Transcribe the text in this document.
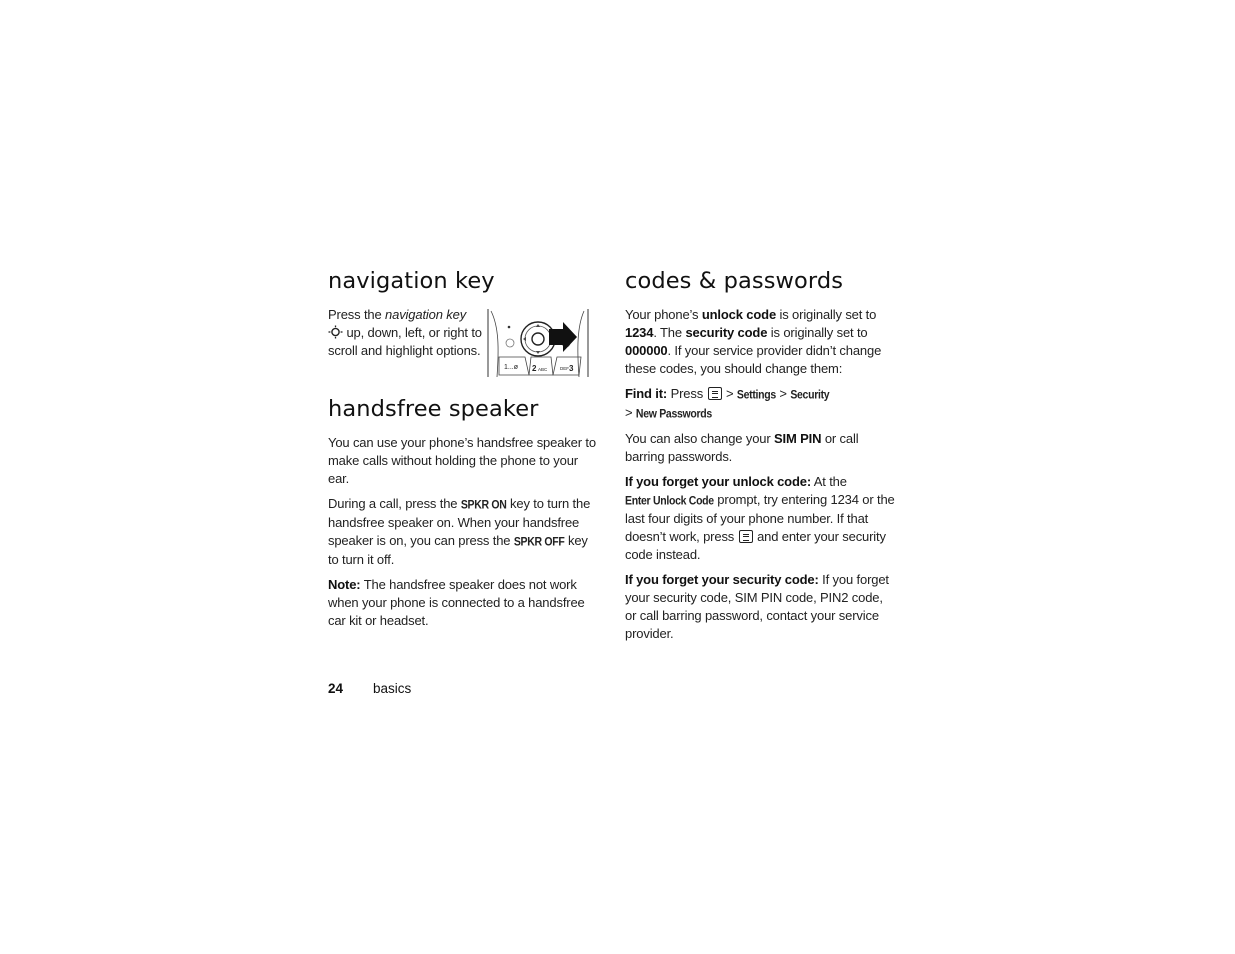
navigation key

Press the navigation key
up, down, left, or right to scroll and highlight options.

1...ø 2 ABC	DEF 3
handsfree speaker

You can use your phone’s handsfree speaker to make calls without holding the phone to your ear.

During a call, press the SPKR ON key to turn the handsfree speaker on. When your handsfree speaker is on, you can press the SPKR OFF key to turn it off.

Note: The handsfree speaker does not work when your phone is connected to a handsfree car kit or headset.

codes & passwords

Your phone’s unlock code is originally set to 1234. The security code is originally set to 000000. If your service provider didn’t change these codes, you should change them:

Find it: Press  > Settings > Security
> New Passwords

You can also change your SIM PIN or call barring passwords.

If you forget your unlock code: At the Enter Unlock Code prompt, try entering 1234 or the last four digits of your phone number. If that doesn’t work, press  and enter your security code instead.

If you forget your security code: If you forget your security code, SIM PIN code, PIN2 code, or call barring password, contact your service provider.

24 basics
